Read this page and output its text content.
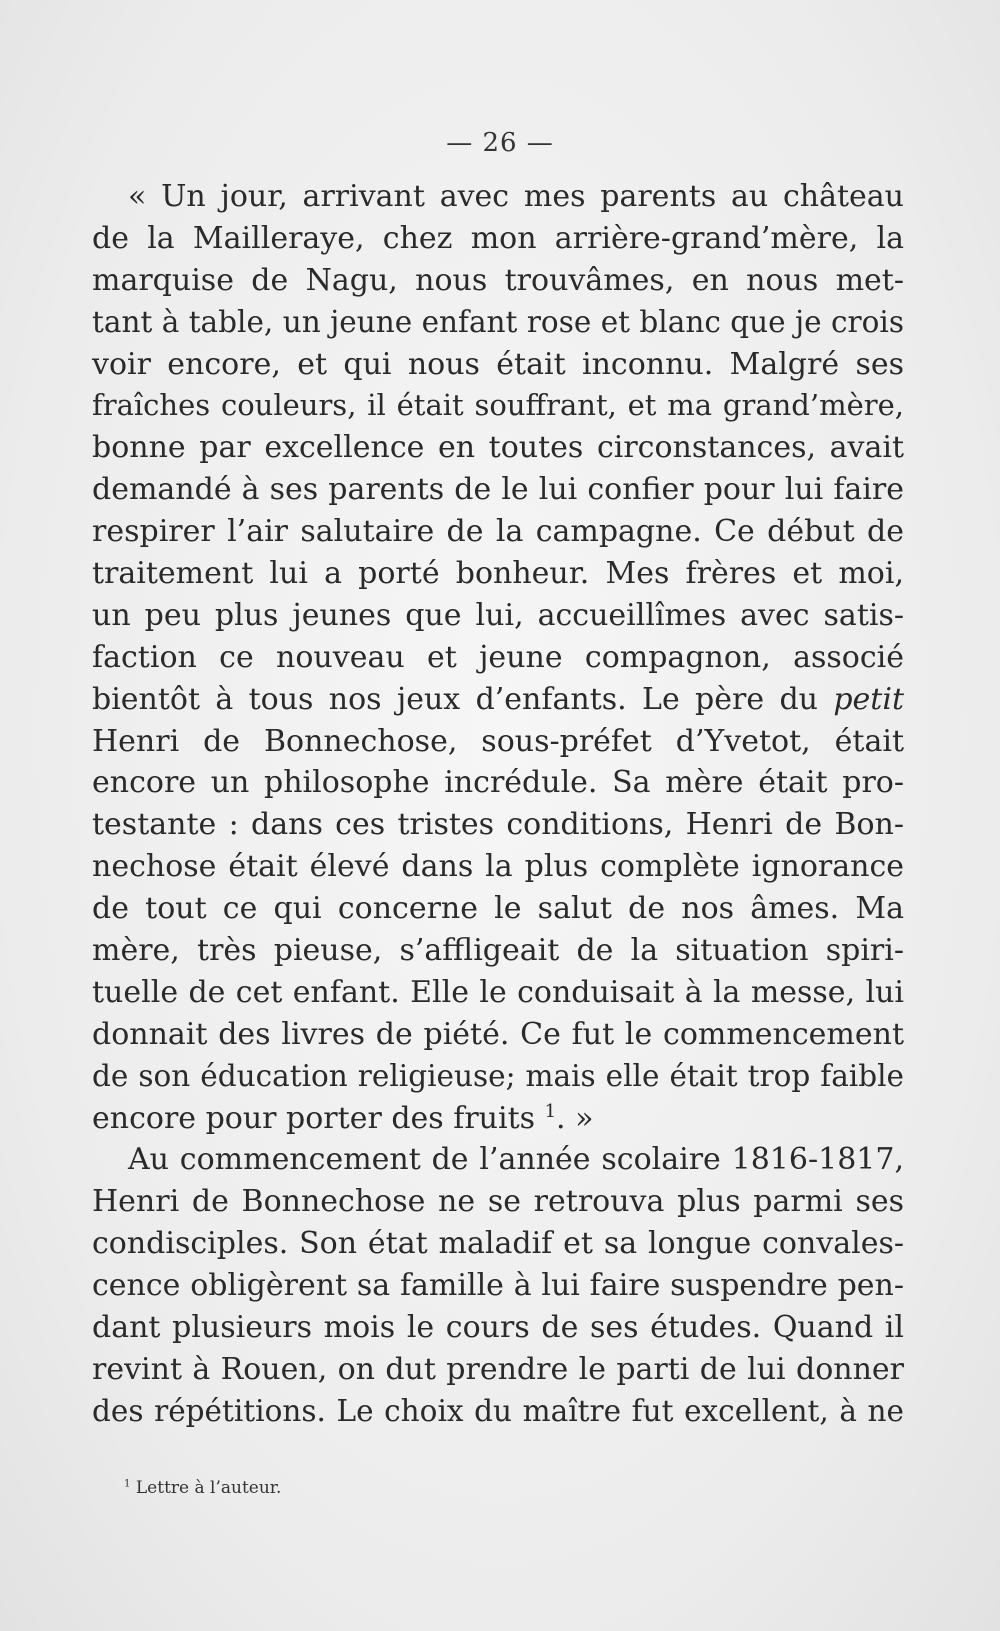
— 26 —
« Un jour, arrivant avec mes parents au château
de la Mailleraye, chez mon arrière-grand’mère, la
marquise de Nagu, nous trouvâmes, en nous met-
tant à table, un jeune enfant rose et blanc que je crois
voir encore, et qui nous était inconnu. Malgré ses
fraîches couleurs, il était souffrant, et ma grand’mère,
bonne par excellence en toutes circonstances, avait
demandé à ses parents de le lui confier pour lui faire
respirer l’air salutaire de la campagne. Ce début de
traitement lui a porté bonheur. Mes frères et moi,
un peu plus jeunes que lui, accueillîmes avec satis-
faction ce nouveau et jeune compagnon, associé
bientôt à tous nos jeux d’enfants. Le père du petit
Henri de Bonnechose, sous-préfet d’Yvetot, était
encore un philosophe incrédule. Sa mère était pro-
testante : dans ces tristes conditions, Henri de Bon-
nechose était élevé dans la plus complète ignorance
de tout ce qui concerne le salut de nos âmes. Ma
mère, très pieuse, s’affligeait de la situation spiri-
tuelle de cet enfant. Elle le conduisait à la messe, lui
donnait des livres de piété. Ce fut le commencement
de son éducation religieuse; mais elle était trop faible
encore pour porter des fruits $^1$. »
Au commencement de l’année scolaire 1816-1817,
Henri de Bonnechose ne se retrouva plus parmi ses
condisciples. Son état maladif et sa longue convales-
cence obligèrent sa famille à lui faire suspendre pen-
dant plusieurs mois le cours de ses études. Quand il
revint à Rouen, on dut prendre le parti de lui donner
des répétitions. Le choix du maître fut excellent, à ne
$^1$ Lettre à l’auteur.
